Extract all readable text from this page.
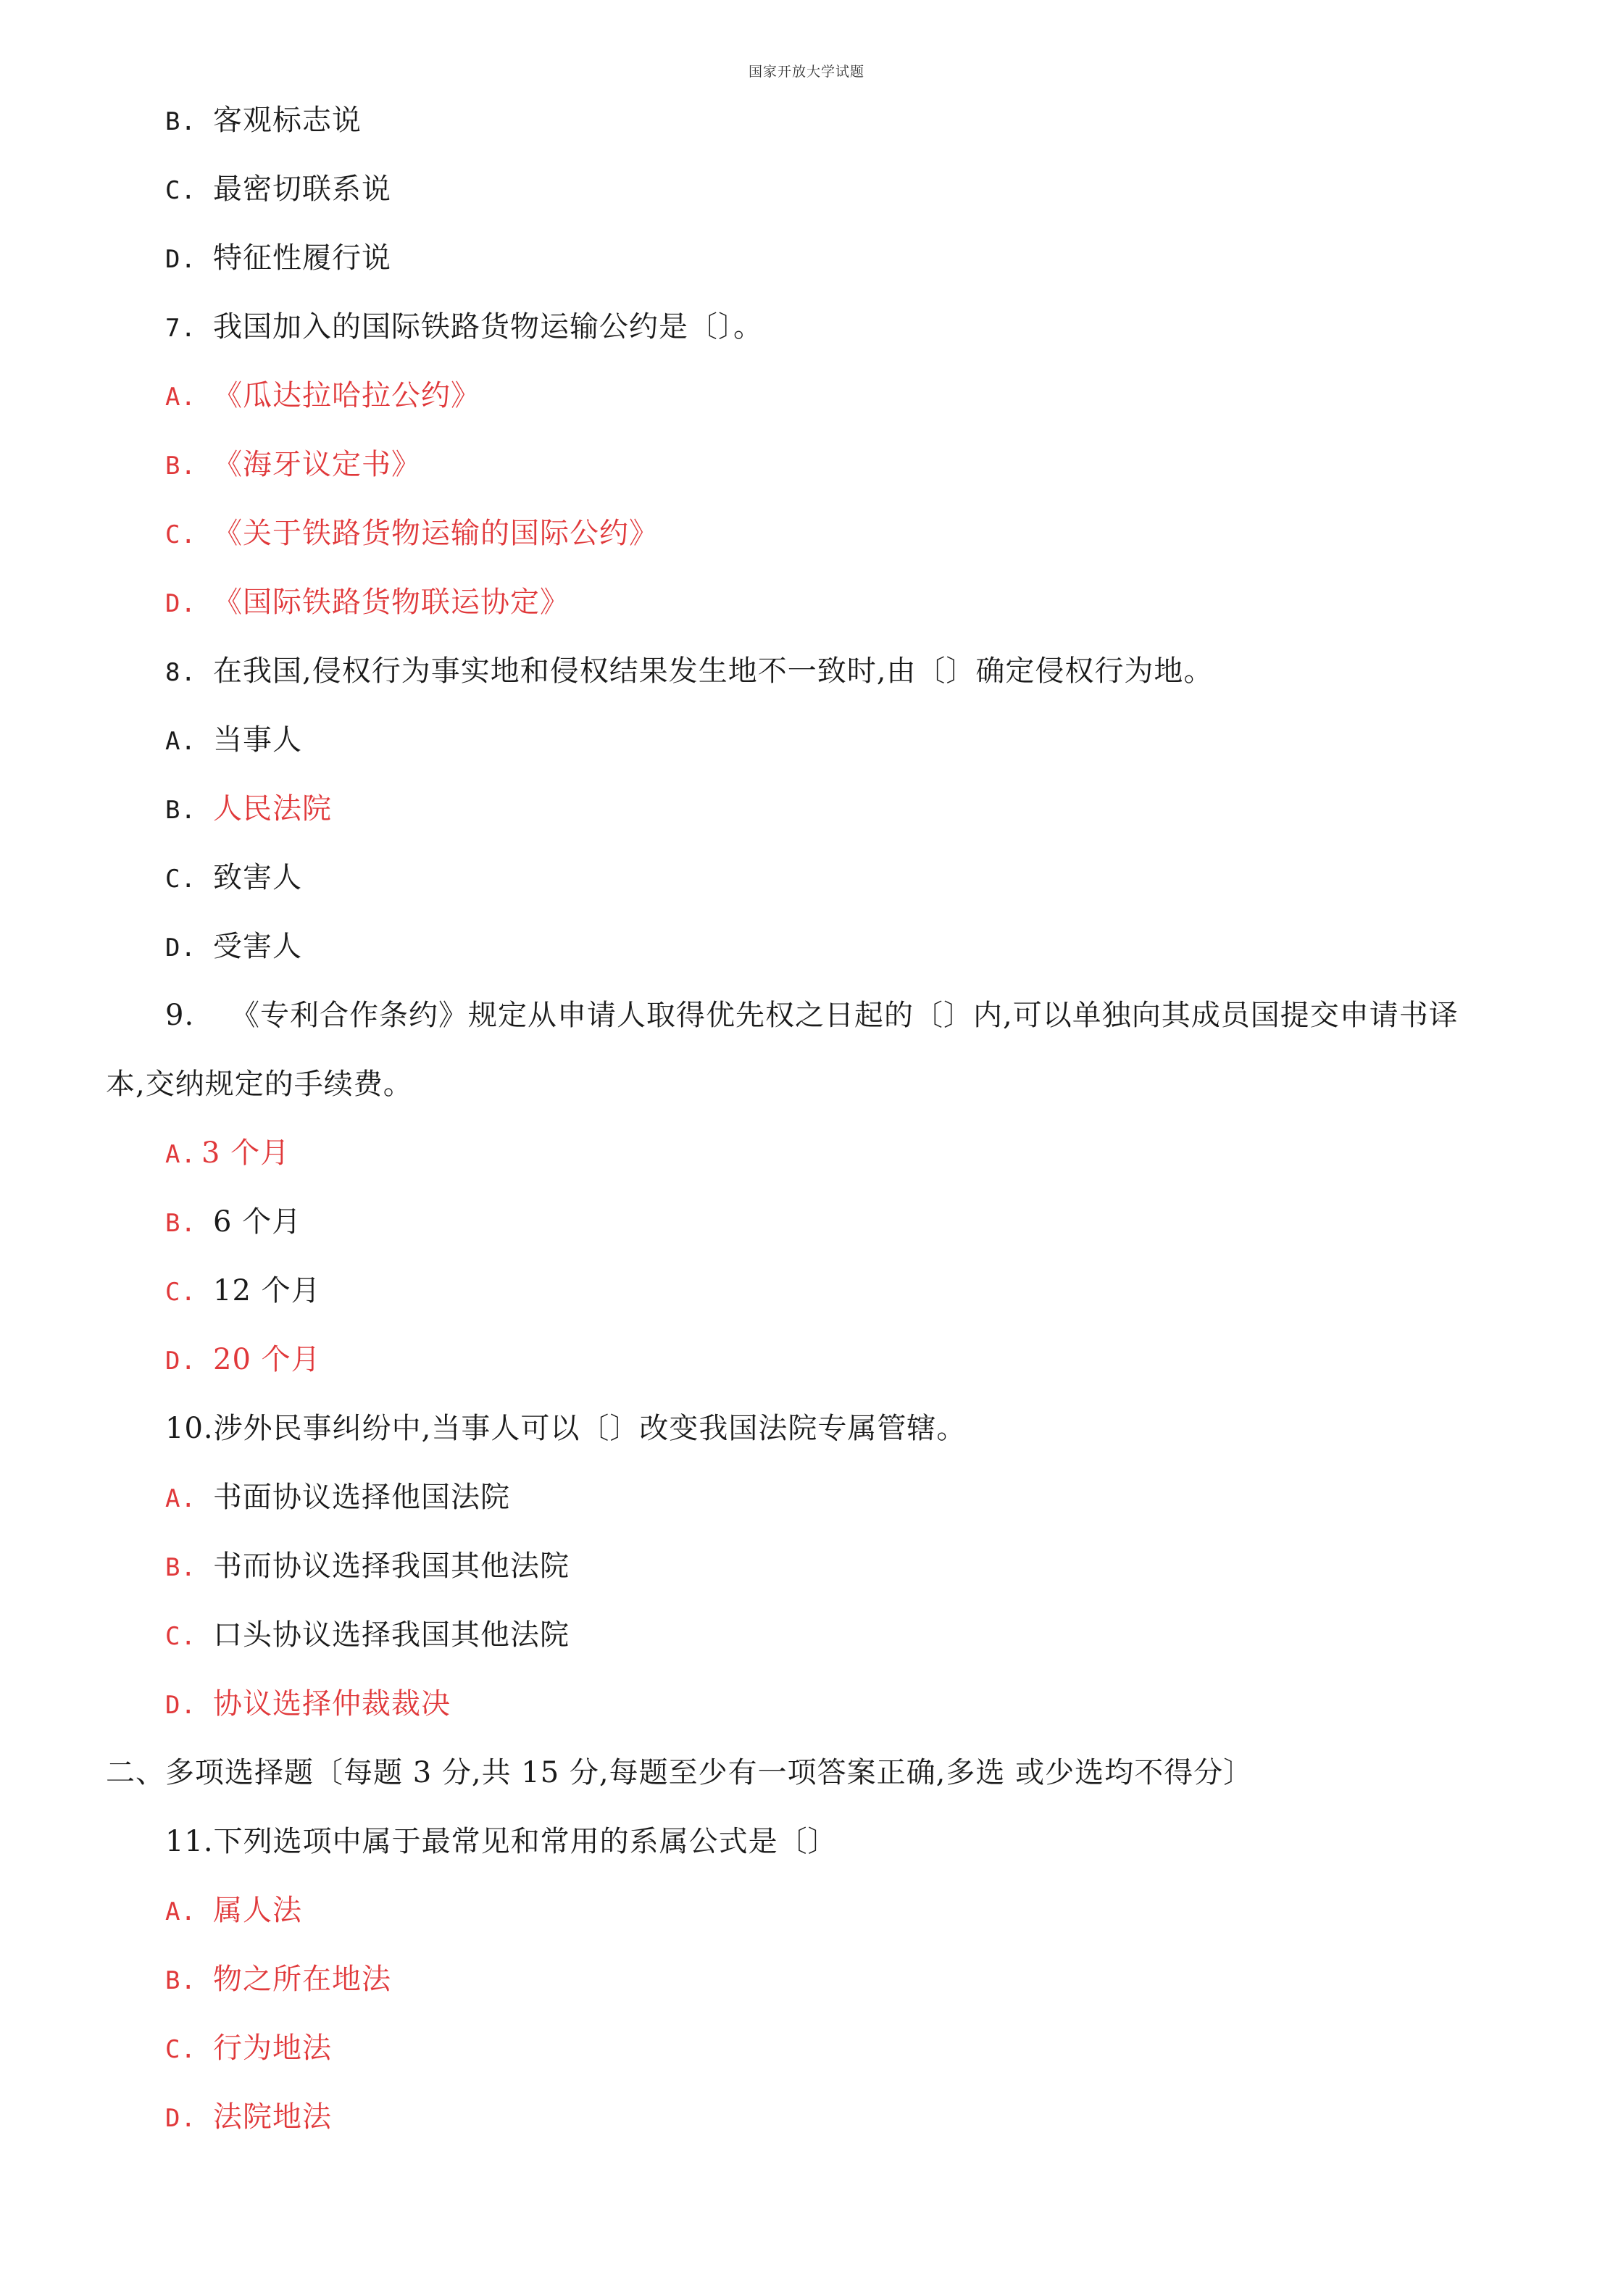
国家开放大学试题
B. 客观标志说
C. 最密切联系说
D. 特征性履行说
7. 我国加入的国际铁路货物运输公约是〔〕。
A. 《瓜达拉哈拉公约》
B. 《海牙议定书》
C. 《关于铁路货物运输的国际公约》
D. 《国际铁路货物联运协定》
8. 在我国,侵权行为事实地和侵权结果发生地不一致时,由〔〕确定侵权行为地。
A. 当事人
B. 人民法院
C. 致害人
D. 受害人
9. 《专利合作条约》规定从申请人取得优先权之日起的〔〕内,可以单独向其成员国提交申请书译
本,交纳规定的手续费。
A. 3 个月
B. 6 个月
C. 12 个月
D. 20 个月
10.涉外民事纠纷中,当事人可以〔〕改变我国法院专属管辖。
A. 书面协议选择他国法院
B. 书而协议选择我国其他法院
C. 口头协议选择我国其他法院
D. 协议选择仲裁裁决
二、多项选择题〔每题 3 分,共 15 分,每题至少有一项答案正确,多选 或少选均不得分〕
11.下列选项中属于最常见和常用的系属公式是〔〕
A. 属人法
B. 物之所在地法
C. 行为地法
D. 法院地法
